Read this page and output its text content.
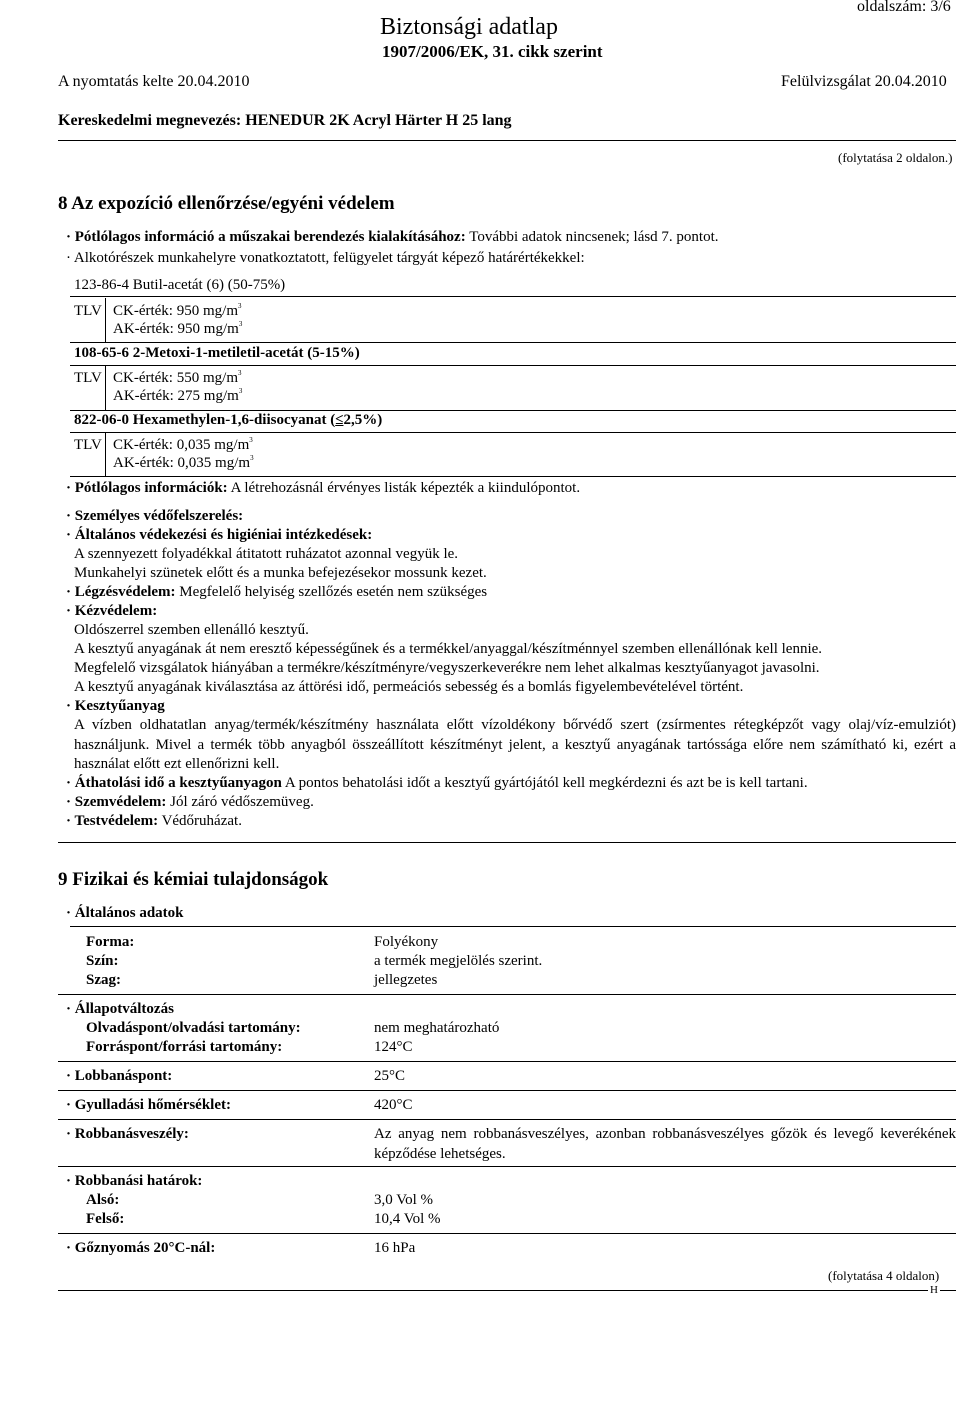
Biztonsági adatlap
1907/2006/EK, 31. cikk szerint
oldalszám: 3/6
A nyomtatás kelte 20.04.2010	Felülvizsgálat 20.04.2010
Kereskedelmi megnevezés: HENEDUR 2K Acryl Härter H 25 lang
(folytatása 2 oldalon.)
8 Az expozíció ellenőrzése/egyéni védelem
· Pótlólagos információ a műszakai berendezés kialakításához: További adatok nincsenek; lásd 7. pontot.
· Alkotórészek munkahelyre vonatkoztatott, felügyelet tárgyát képező határértékekkel:
123-86-4 Butil-acetát (6) (50-75%)
TLV CK-érték: 950 $mg/m^3$
AK-érték: 950 $mg/m^3$
108-65-6 2-Metoxi-1-metiletil-acetát (5-15%)
TLV CK-érték: 550 $mg/m^3$
AK-érték: 275 $mg/m^3$
822-06-0 Hexamethylen-1,6-diisocyanat (≤2,5%)
TLV CK-érték: 0,035 $mg/m^3$
AK-érték: 0,035 $mg/m^3$
· Pótlólagos információk: A létrehozásnál érvényes listák képezték a kiindulópontot.
· Személyes védőfelszerelés:
· Általános védekezési és higiéniai intézkedések:
A szennyezett folyadékkal átitatott ruházatot azonnal vegyük le.
Munkahelyi szünetek előtt és a munka befejezésekor mossunk kezet.
· Légzésvédelem: Megfelelő helyiség szellőzés esetén nem szükséges
· Kézvédelem:
Oldószerrel szemben ellenálló kesztyű.
A kesztyű anyagának át nem eresztő képességűnek és a termékkel/anyaggal/készítménnyel szemben ellenállónak kell lennie.
Megfelelő vizsgálatok hiányában a termékre/készítményre/vegyszerkeverékre nem lehet alkalmas kesztyűanyagot javasolni.
A kesztyű anyagának kiválasztása az áttörési idő, permeációs sebesség és a bomlás figyelembevételével történt.
· Kesztyűanyag
A vízben oldhatatlan anyag/termék/készítmény használata előtt vízoldékony bőrvédő szert (zsírmentes rétegképzőt vagy olaj/víz-emulziót) használjunk. Mivel a termék több anyagból összeállított készítményt jelent, a kesztyű anyagának tartóssága előre nem számítható ki, ezért a használat előtt ezt ellenőrizni kell.
· Áthatolási idő a kesztyűanyagon A pontos behatolási időt a kesztyű gyártójától kell megkérdezni és azt be is kell tartani.
· Szemvédelem: Jól záró védőszemüveg.
· Testvédelem: Védőruházat.
9 Fizikai és kémiai tulajdonságok
· Általános adatok
Forma:	Folyékony
Szín:	a termék megjelölés szerint.
Szag:	jellegzetes
· Állapotváltozás
Olvadáspont/olvadási tartomány:	nem meghatározható
Forráspont/forrási tartomány:	124°C
· Lobbanáspont:	25°C
· Gyulladási hőmérséklet:	420°C
· Robbanásveszély:	Az anyag nem robbanásveszélyes, azonban robbanásveszélyes gőzök és levegő keverékének képződése lehetséges.
· Robbanási határok:
Alsó:	3,0 Vol %
Felső:	10,4 Vol %
· Gőznyomás 20°C-nál:	16 hPa
(folytatása 4 oldalon)
H
